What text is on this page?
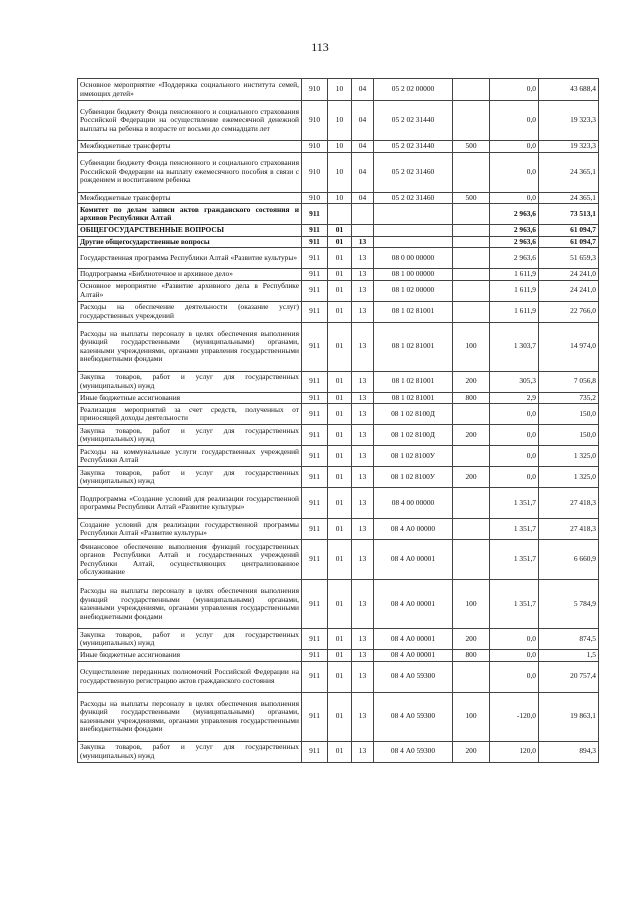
113
Основное мероприятие «Поддержка социального института семей, имеющих детей»	910	10	04	05 2 02 00000		0,0	43 688,4
Субвенции бюджету Фонда пенсионного и социального страхования Российской Федерации на осуществление ежемесячной денежной выплаты на ребенка в возрасте от восьми до семнадцати лет	910	10	04	05 2 02 31440		0,0	19 323,3
Межбюджетные трансферты	910	10	04	05 2 02 31440	500	0,0	19 323,3
Субвенции бюджету Фонда пенсионного и социального страхования Российской Федерации на выплату ежемесячного пособия в связи с рождением и воспитанием ребенка	910	10	04	05 2 02 31460		0,0	24 365,1
Межбюджетные трансферты	910	10	04	05 2 02 31460	500	0,0	24 365,1
Комитет по делам записи актов гражданского состояния и архивов Республики Алтай	911					2 963,6	73 513,1
ОБЩЕГОСУДАРСТВЕННЫЕ ВОПРОСЫ	911	01				2 963,6	61 094,7
Другие общегосударственные вопросы	911	01	13			2 963,6	61 094,7
Государственная программа Республики Алтай «Развитие культуры»	911	01	13	08 0 00 00000		2 963,6	51 659,3
Подпрограмма «Библиотечное и архивное дело»	911	01	13	08 1 00 00000		1 611,9	24 241,0
Основное мероприятие «Развитие архивного дела в Республике Алтай»	911	01	13	08 1 02 00000		1 611,9	24 241,0
Расходы на обеспечение деятельности (оказание услуг) государственных учреждений	911	01	13	08 1 02 81001		1 611,9	22 766,0
Расходы на выплаты персоналу в целях обеспечения выполнения функций государственными (муниципальными) органами, казенными учреждениями, органами управления государственными внебюджетными фондами	911	01	13	08 1 02 81001	100	1 303,7	14 974,0
Закупка товаров, работ и услуг для государственных (муниципальных) нужд	911	01	13	08 1 02 81001	200	305,3	7 056,8
Иные бюджетные ассигнования	911	01	13	08 1 02 81001	800	2,9	735,2
Реализация мероприятий за счет средств, полученных от приносящей доходы деятельности	911	01	13	08 1 02 8100Д		0,0	150,0
Закупка товаров, работ и услуг для государственных (муниципальных) нужд	911	01	13	08 1 02 8100Д	200	0,0	150,0
Расходы на коммунальные услуги государственных учреждений Республики Алтай	911	01	13	08 1 02 8100У		0,0	1 325,0
Закупка товаров, работ и услуг для государственных (муниципальных) нужд	911	01	13	08 1 02 8100У	200	0,0	1 325,0
Подпрограмма «Создание условий для реализации государственной программы Республики Алтай «Развитие культуры»	911	01	13	08 4 00 00000		1 351,7	27 418,3
Создание условий для реализации государственной программы Республики Алтай «Развитие культуры»	911	01	13	08 4 А0 00000		1 351,7	27 418,3
Финансовое обеспечение выполнения функций государственных органов Республики Алтай и государственных учреждений Республики Алтай, осуществляющих централизованное обслуживание	911	01	13	08 4 А0 00001		1 351,7	6 660,9
Расходы на выплаты персоналу в целях обеспечения выполнения функций государственными (муниципальными) органами, казенными учреждениями, органами управления государственными внебюджетными фондами	911	01	13	08 4 А0 00001	100	1 351,7	5 784,9
Закупка товаров, работ и услуг для государственных (муниципальных) нужд	911	01	13	08 4 А0 00001	200	0,0	874,5
Иные бюджетные ассигнования	911	01	13	08 4 А0 00001	800	0,0	1,5
Осуществление переданных полномочий Российской Федерации на государственную регистрацию актов гражданского состояния	911	01	13	08 4 А0 59300		0,0	20 757,4
Расходы на выплаты персоналу в целях обеспечения выполнения функций государственными (муниципальными) органами, казенными учреждениями, органами управления государственными внебюджетными фондами	911	01	13	08 4 А0 59300	100	-120,0	19 863,1
Закупка товаров, работ и услуг для государственных (муниципальных) нужд	911	01	13	08 4 А0 59300	200	120,0	894,3
